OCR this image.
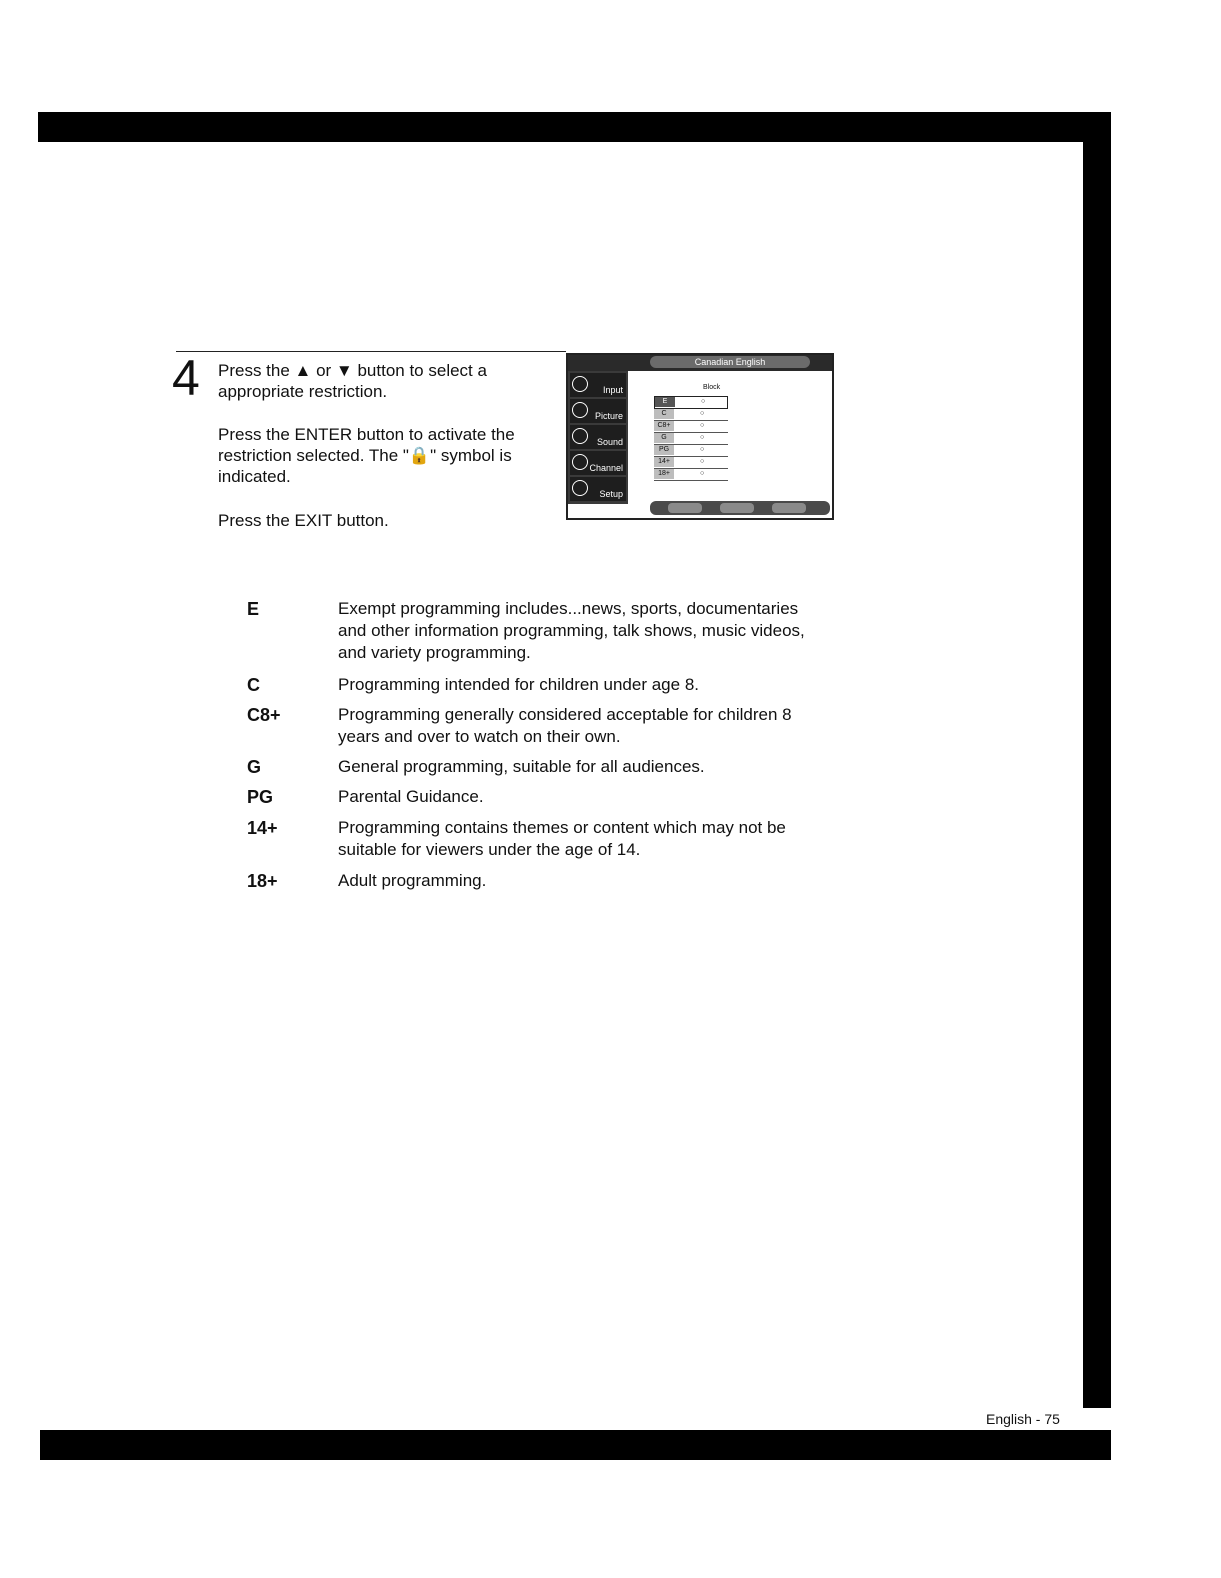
4 Press the ▲ or ▼ button to select a appropriate restriction.
Press the ENTER button to activate the restriction selected. The "🔒" symbol is indicated.
Press the EXIT button.
Canadian English
Input
Picture
Sound
Channel
Setup
Block
E	○
C	○
C8+	○
G	○
PG	○
14+	○
18+	○
E	Exempt programming includes...news, sports, documentaries and other information programming, talk shows, music videos, and variety programming.
C	Programming intended for children under age 8.
C8+	Programming generally considered acceptable for children 8 years and over to watch on their own.
G	General programming, suitable for all audiences.
PG	Parental Guidance.
14+	Programming contains themes or content which may not be suitable for viewers under the age of 14.
18+	Adult programming.
English - 75
